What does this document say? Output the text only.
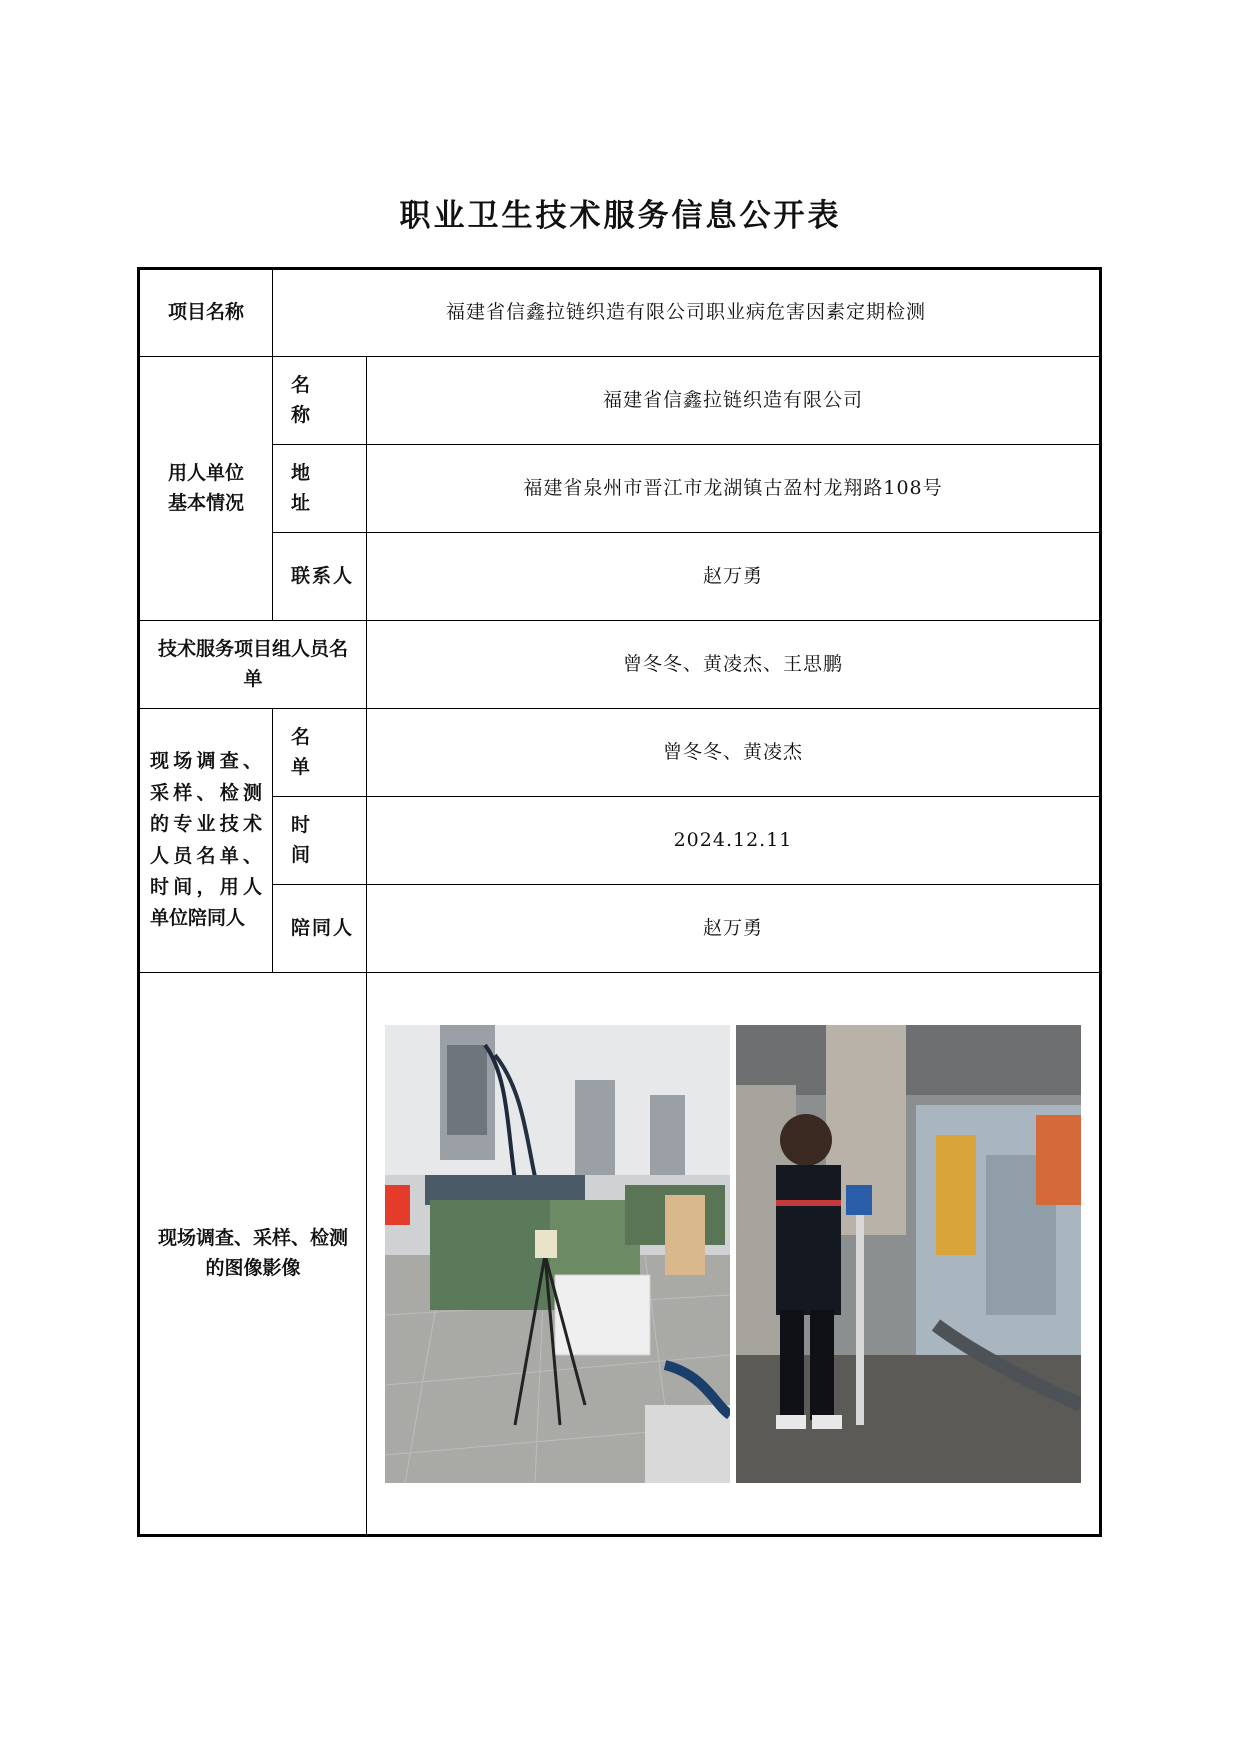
职业卫生技术服务信息公开表
项目名称	福建省信鑫拉链织造有限公司职业病危害因素定期检测	

用人单位基本情况	名 称	福建省信鑫拉链织造有限公司
	地 址	福建省泉州市晋江市龙湖镇古盈村龙翔路108号
	联系人	赵万勇

技术服务项目组人员名单		曾冬冬、黄凌杰、王思鹏

现场调查、采样、检测的专业技术人员名单、时间，用人单位陪同人	名 单	曾冬冬、黄凌杰
	时 间	2024.12.11
	陪同人	赵万勇

现场调查、采样、检测的图像影像
